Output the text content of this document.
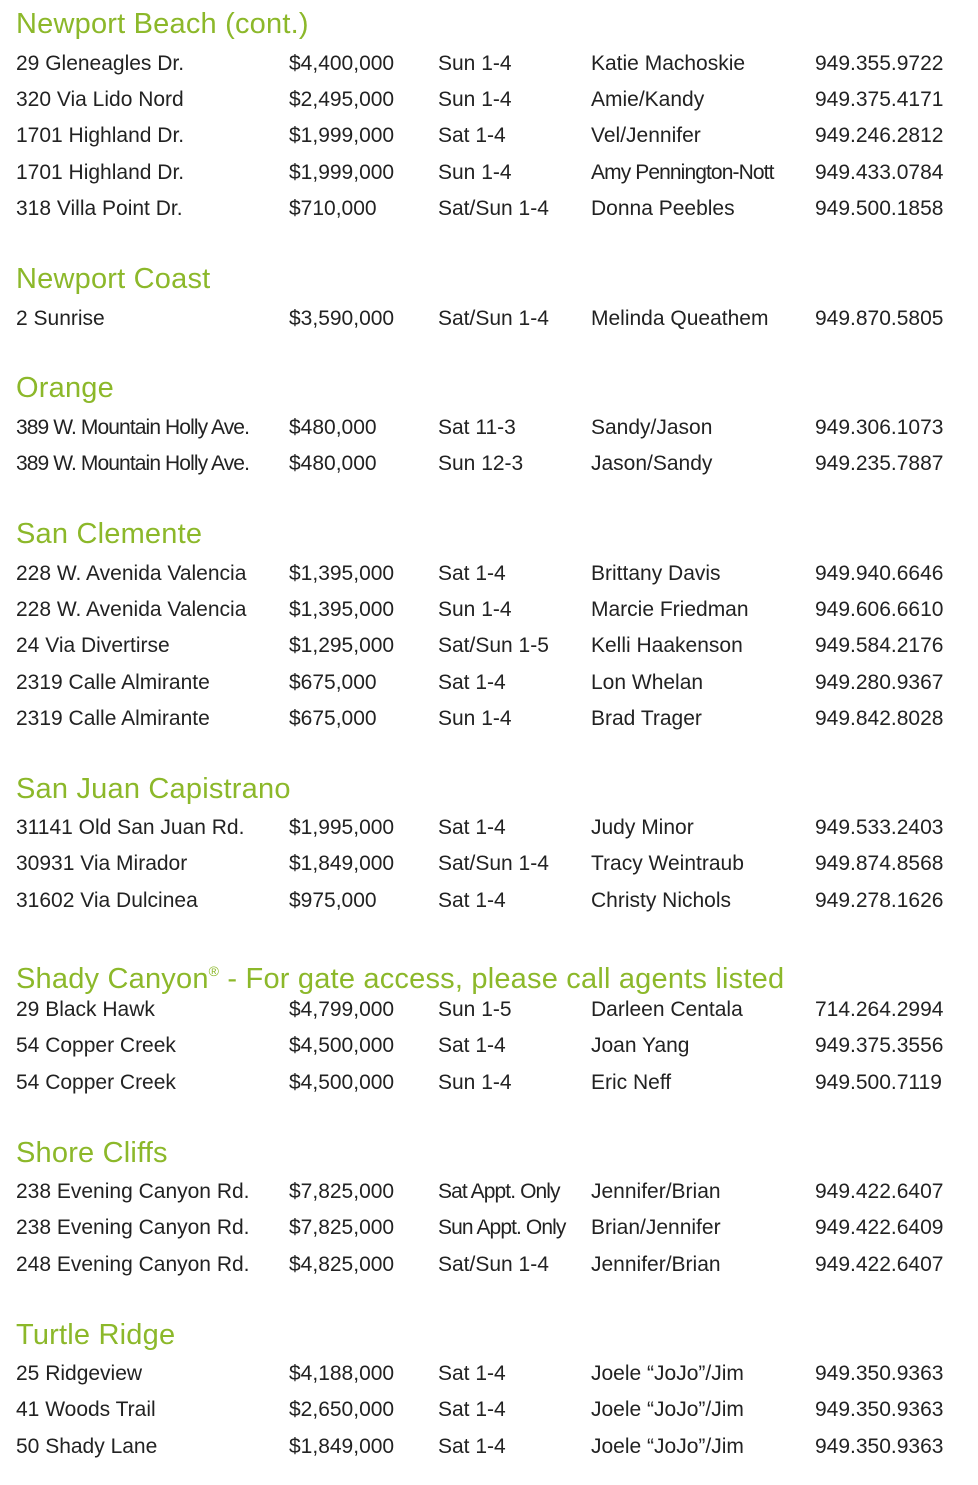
Newport Beach (cont.)
29 Gleneagles Dr.	$4,400,000 Sun 1-4	Katie Machoskie	949.355.9722
320 Via Lido Nord	$2,495,000 Sun 1-4	Amie/Kandy	949.375.4171
1701 Highland Dr.	$1,999,000 Sat 1-4	Vel/Jennifer	949.246.2812
1701 Highland Dr.	$1,999,000 Sun 1-4	Amy Pennington-Nott 949.433.0784
318 Villa Point Dr.	$710,000	Sat/Sun 1-4 Donna Peebles	949.500.1858
Newport Coast
2 Sunrise	$3,590,000 Sat/Sun 1-4 Melinda Queathem 949.870.5805
Orange
389 W. Mountain Holly Ave. $480,000	Sat 11-3	Sandy/Jason	949.306.1073
389 W. Mountain Holly Ave. $480,000	Sun 12-3	Jason/Sandy	949.235.7887
San Clemente
228 W. Avenida Valencia $1,395,000 Sat 1-4	Brittany Davis	949.940.6646
228 W. Avenida Valencia $1,395,000 Sun 1-4	Marcie Friedman	949.606.6610
24 Via Divertirse	$1,295,000 Sat/Sun 1-5 Kelli Haakenson	949.584.2176
2319 Calle Almirante	$675,000	Sat 1-4	Lon Whelan	949.280.9367
2319 Calle Almirante	$675,000	Sun 1-4	Brad Trager	949.842.8028
San Juan Capistrano
31141 Old San Juan Rd. $1,995,000 Sat 1-4	Judy Minor	949.533.2403
30931 Via Mirador	$1,849,000 Sat/Sun 1-4 Tracy Weintraub	949.874.8568
31602 Via Dulcinea	$975,000	Sat 1-4	Christy Nichols	949.278.1626
Shady Canyon® - For gate access, please call agents listed
29 Black Hawk	$4,799,000 Sun 1-5	Darleen Centala	714.264.2994
54 Copper Creek	$4,500,000 Sat 1-4	Joan Yang	949.375.3556
54 Copper Creek	$4,500,000 Sun 1-4	Eric Neff	949.500.7119
Shore Cliffs
238 Evening Canyon Rd. $7,825,000 Sat Appt. Only Jennifer/Brian	949.422.6407
238 Evening Canyon Rd. $7,825,000 Sun Appt. Only Brian/Jennifer	949.422.6409
248 Evening Canyon Rd. $4,825,000 Sat/Sun 1-4 Jennifer/Brian	949.422.6407
Turtle Ridge
25 Ridgeview	$4,188,000 Sat 1-4	Joele “JoJo”/Jim	949.350.9363
41 Woods Trail	$2,650,000 Sat 1-4	Joele “JoJo”/Jim	949.350.9363
50 Shady Lane	$1,849,000 Sat 1-4	Joele “JoJo”/Jim	949.350.9363
